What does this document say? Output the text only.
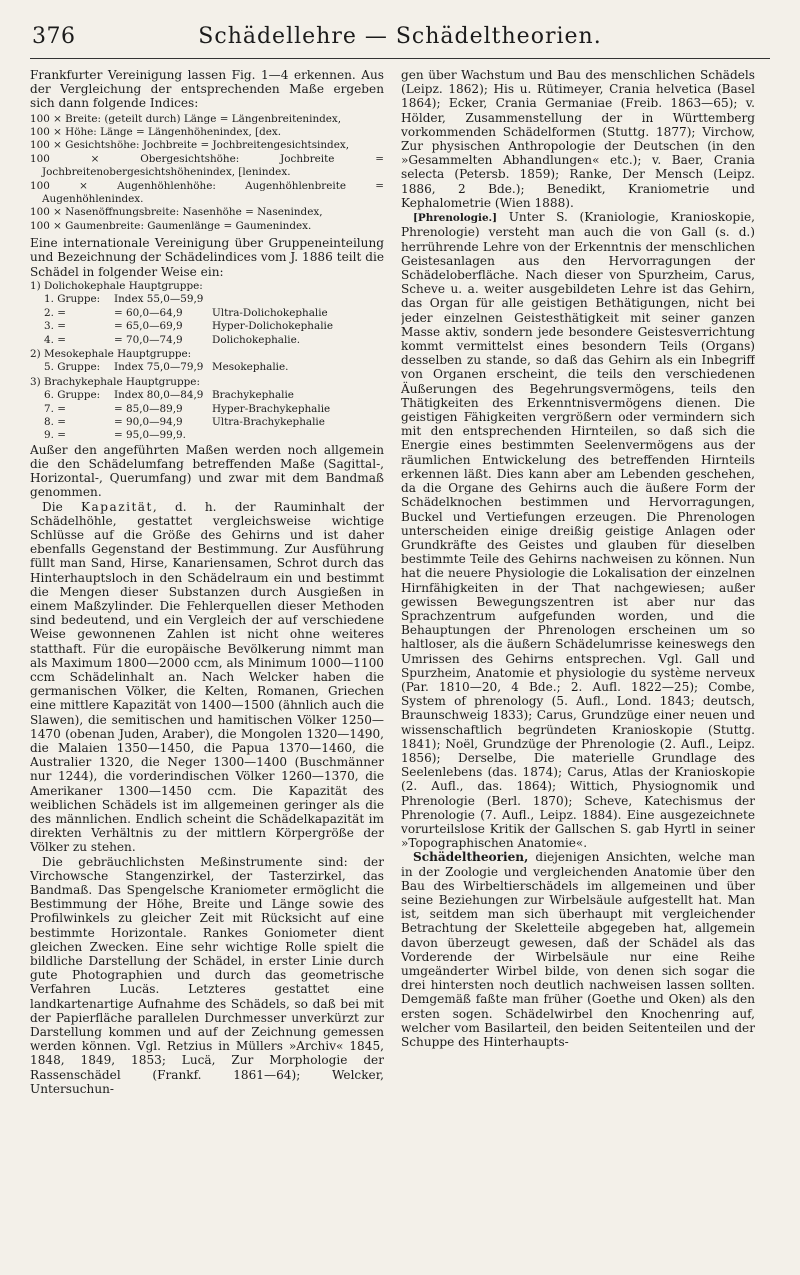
376	Schädellehre — Schädeltheorien.

Frankfurter Vereinigung lassen Fig. 1—4 erkennen. Aus der Vergleichung der entsprechenden Maße ergeben sich dann folgende Indices:

100 × Breite: (geteilt durch) Länge = Längenbreitenindex,
100 × Höhe: Länge = Längenhöhenindex, [dex.
100 × Gesichtshöhe: Jochbreite = Jochbreitengesichtsindex,
100 × Obergesichtshöhe: Jochbreite = Jochbreitenobergesichtshöhenindex, [lenindex.
100 × Augenhöhlenhöhe: Augenhöhlenbreite = Augenhöhlenindex.
100 × Nasenöffnungsbreite: Nasenhöhe = Nasenindex,
100 × Gaumenbreite: Gaumenlänge = Gaumenindex.

Eine internationale Vereinigung über Gruppeneinteilung und Bezeichnung der Schädelindices vom J. 1886 teilt die Schädel in folgender Weise ein:

1) Dolichokephale Hauptgruppe:
1. Gruppe:	Index 55,0—59,9
2. =	= 60,0—64,9	Ultra-Dolichokephalie
3. =	= 65,0—69,9	Hyper-Dolichokephalie
4. =	= 70,0—74,9	Dolichokephalie.
2) Mesokephale Hauptgruppe:
5. Gruppe:	Index 75,0—79,9 Mesokephalie.
3) Brachykephale Hauptgruppe:
6. Gruppe:	Index 80,0—84,9 Brachykephalie
7. =	= 85,0—89,9	Hyper-Brachykephalie
8. =	= 90,0—94,9	Ultra-Brachykephalie
9. =	= 95,0—99,9.

Außer den angeführten Maßen werden noch allgemein die den Schädelumfang betreffenden Maße (Sagittal-, Horizontal-, Querumfang) und zwar mit dem Bandmaß genommen.

Die Kapazität, d. h. der Rauminhalt der Schädelhöhle, gestattet vergleichsweise wichtige Schlüsse auf die Größe des Gehirns und ist daher ebenfalls Gegenstand der Bestimmung. Zur Ausführung füllt man Sand, Hirse, Kanariensamen, Schrot durch das Hinterhauptsloch in den Schädelraum ein und bestimmt die Mengen dieser Substanzen durch Ausgießen in einem Maßzylinder. Die Fehlerquellen dieser Methoden sind bedeutend, und ein Vergleich der auf verschiedene Weise gewonnenen Zahlen ist nicht ohne weiteres statthaft. Für die europäische Bevölkerung nimmt man als Maximum 1800—2000 ccm, als Minimum 1000—1100 ccm Schädelinhalt an. Nach Welcker haben die germanischen Völker, die Kelten, Romanen, Griechen eine mittlere Kapazität von 1400—1500 (ähnlich auch die Slawen), die semitischen und hamitischen Völker 1250—1470 (obenan Juden, Araber), die Mongolen 1320—1490, die Malaien 1350—1450, die Papua 1370—1460, die Australier 1320, die Neger 1300—1400 (Buschmänner nur 1244), die vorderindischen Völker 1260—1370, die Amerikaner 1300—1450 ccm. Die Kapazität des weiblichen Schädels ist im allgemeinen geringer als die des männlichen. Endlich scheint die Schädelkapazität im direkten Verhältnis zu der mittlern Körpergröße der Völker zu stehen.

Die gebräuchlichsten Meßinstrumente sind: der Virchowsche Stangenzirkel, der Tasterzirkel, das Bandmaß. Das Spengelsche Kraniometer ermöglicht die Bestimmung der Höhe, Breite und Länge sowie des Profilwinkels zu gleicher Zeit mit Rücksicht auf eine bestimmte Horizontale. Rankes Goniometer dient gleichen Zwecken. Eine sehr wichtige Rolle spielt die bildliche Darstellung der Schädel, in erster Linie durch gute Photographien und durch das geometrische Verfahren Lucäs. Letzteres gestattet eine landkartenartige Aufnahme des Schädels, so daß bei mit der Papierfläche parallelen Durchmesser unverkürzt zur Darstellung kommen und auf der Zeichnung gemessen werden können. Vgl. Retzius in Müllers »Archiv« 1845, 1848, 1849, 1853; Lucä, Zur Morphologie der Rassenschädel (Frankf. 1861—64); Welcker, Untersuchun-

gen über Wachstum und Bau des menschlichen Schädels (Leipz. 1862); His u. Rütimeyer, Crania helvetica (Basel 1864); Ecker, Crania Germaniae (Freib. 1863—65); v. Hölder, Zusammenstellung der in Württemberg vorkommenden Schädelformen (Stuttg. 1877); Virchow, Zur physischen Anthropologie der Deutschen (in den »Gesammelten Abhandlungen« etc.); v. Baer, Crania selecta (Petersb. 1859); Ranke, Der Mensch (Leipz. 1886, 2 Bde.); Benedikt, Kraniometrie und Kephalometrie (Wien 1888).

[Phrenologie.] Unter S. (Kraniologie, Kranioskopie, Phrenologie) versteht man auch die von Gall (s. d.) herrührende Lehre von der Erkenntnis der menschlichen Geistesanlagen aus den Hervorragungen der Schädeloberfläche. Nach dieser von Spurzheim, Carus, Scheve u. a. weiter ausgebildeten Lehre ist das Gehirn, das Organ für alle geistigen Bethätigungen, nicht bei jeder einzelnen Geistesthätigkeit mit seiner ganzen Masse aktiv, sondern jede besondere Geistesverrichtung kommt vermittelst eines besondern Teils (Organs) desselben zu stande, so daß das Gehirn als ein Inbegriff von Organen erscheint, die teils den verschiedenen Äußerungen des Begehrungsvermögens, teils den Thätigkeiten des Erkenntnisvermögens dienen. Die geistigen Fähigkeiten vergrößern oder vermindern sich mit den entsprechenden Hirnteilen, so daß sich die Energie eines bestimmten Seelenvermögens aus der räumlichen Entwickelung des betreffenden Hirnteils erkennen läßt. Dies kann aber am Lebenden geschehen, da die Organe des Gehirns auch die äußere Form der Schädelknochen bestimmen und Hervorragungen, Buckel und Vertiefungen erzeugen. Die Phrenologen unterscheiden einige dreißig geistige Anlagen oder Grundkräfte des Geistes und glauben für dieselben bestimmte Teile des Gehirns nachweisen zu können. Nun hat die neuere Physiologie die Lokalisation der einzelnen Hirnfähigkeiten in der That nachgewiesen; außer gewissen Bewegungszentren ist aber nur das Sprachzentrum aufgefunden worden, und die Behauptungen der Phrenologen erscheinen um so haltloser, als die äußern Schädelumrisse keineswegs den Umrissen des Gehirns entsprechen. Vgl. Gall und Spurzheim, Anatomie et physiologie du système nerveux (Par. 1810—20, 4 Bde.; 2. Aufl. 1822—25); Combe, System of phrenology (5. Aufl., Lond. 1843; deutsch, Braunschweig 1833); Carus, Grundzüge einer neuen und wissenschaftlich begründeten Kranioskopie (Stuttg. 1841); Noël, Grundzüge der Phrenologie (2. Aufl., Leipz. 1856); Derselbe, Die materielle Grundlage des Seelenlebens (das. 1874); Carus, Atlas der Kranioskopie (2. Aufl., das. 1864); Wittich, Physiognomik und Phrenologie (Berl. 1870); Scheve, Katechismus der Phrenologie (7. Aufl., Leipz. 1884). Eine ausgezeichnete vorurteilslose Kritik der Gallschen S. gab Hyrtl in seiner »Topographischen Anatomie«.

Schädeltheorien, diejenigen Ansichten, welche man in der Zoologie und vergleichenden Anatomie über den Bau des Wirbeltierschädels im allgemeinen und über seine Beziehungen zur Wirbelsäule aufgestellt hat. Man ist, seitdem man sich überhaupt mit vergleichender Betrachtung der Skeletteile abgegeben hat, allgemein davon überzeugt gewesen, daß der Schädel als das Vorderende der Wirbelsäule nur eine Reihe umgeänderter Wirbel bilde, von denen sich sogar die drei hintersten noch deutlich nachweisen lassen sollten. Demgemäß faßte man früher (Goethe und Oken) als den ersten sogen. Schädelwirbel den Knochenring auf, welcher vom Basilarteil, den beiden Seitenteilen und der Schuppe des Hinterhaupts-
